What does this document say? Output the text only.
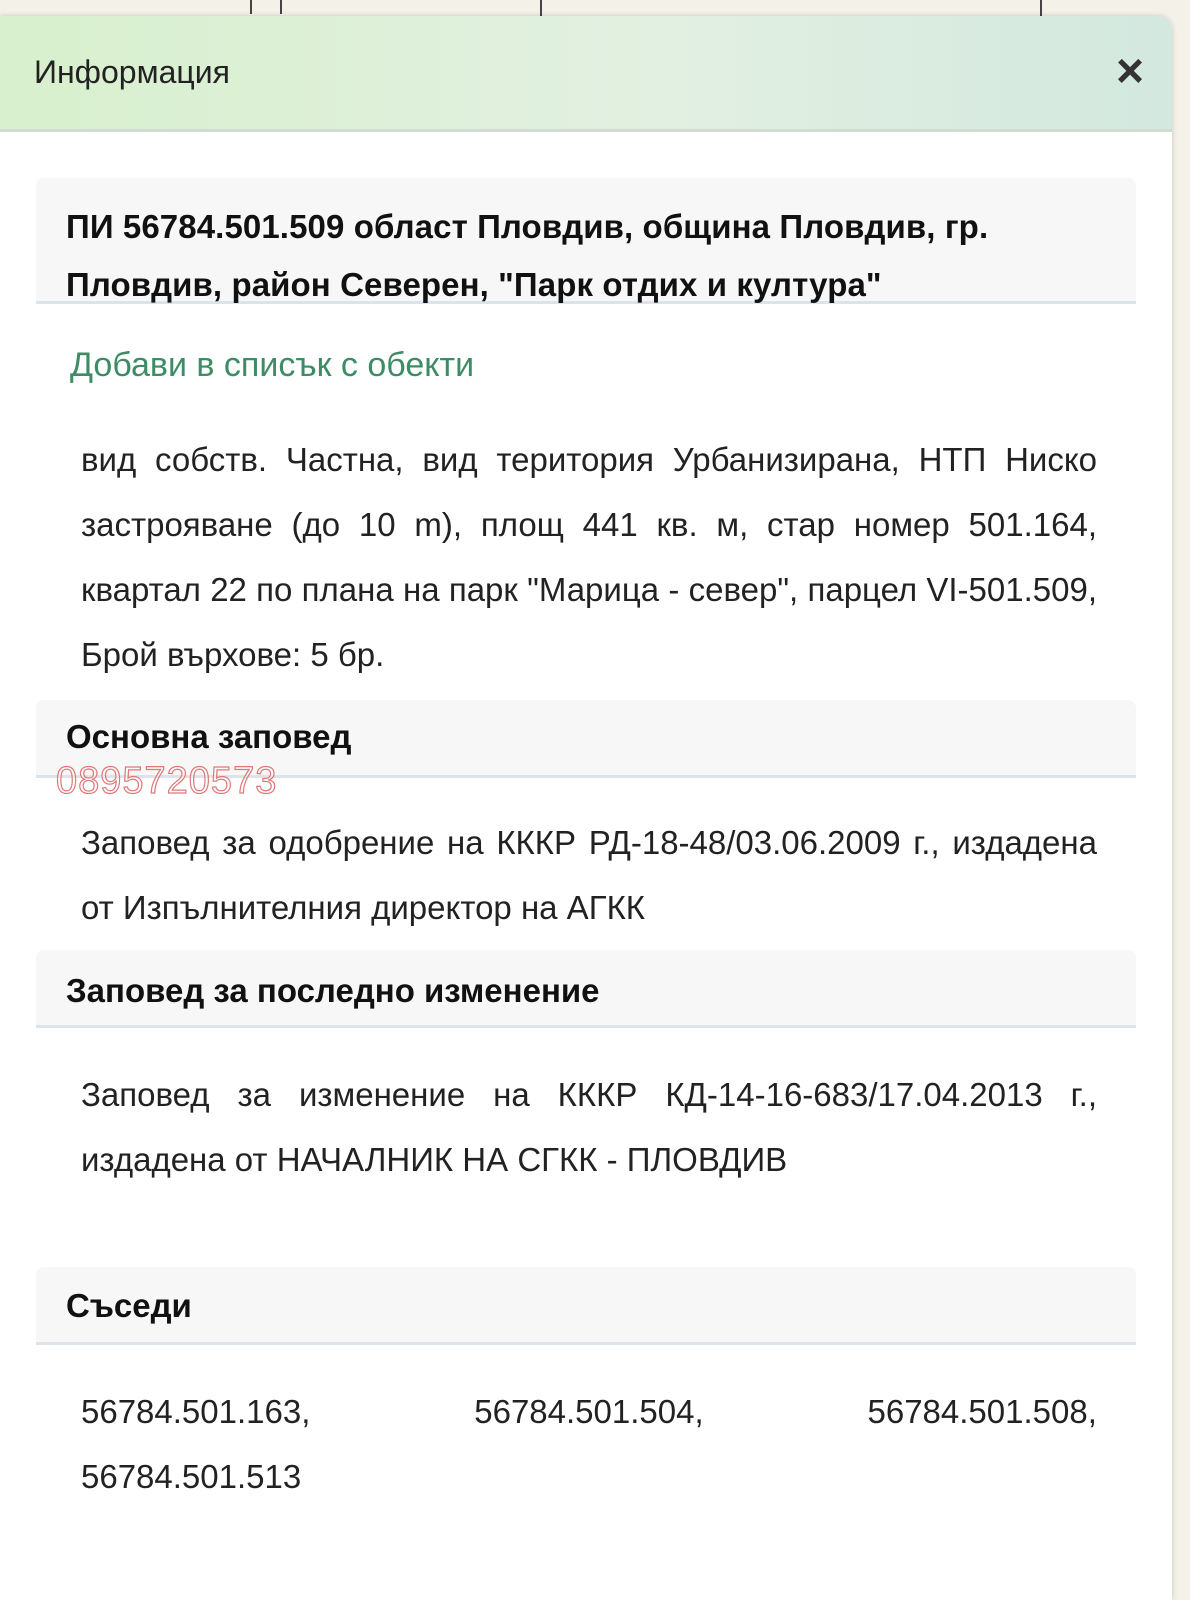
Информация	×
ПИ 56784.501.509 област Пловдив, община Пловдив, гр. Пловдив, район Северен, "Парк отдих и култура"
Добави в списък с обекти
вид собств. Частна, вид територия Урбанизирана, НТП Ниско застрояване (до 10 m), площ 441 кв. м, стар номер 501.164, квартал 22 по плана на парк "Марица - север", парцел VI-501.509, Брой върхове: 5 бр.
Основна заповед
Заповед за одобрение на КККР РД-18-48/03.06.2009 г., издадена от Изпълнителния директор на АГКК
Заповед за последно изменение
Заповед за изменение на КККР КД-14-16-683/17.04.2013 г., издадена от НАЧАЛНИК НА СГКК - ПЛОВДИВ
Съседи
56784.501.163,	56784.501.504,	56784.501.508,
56784.501.513
0895720573
